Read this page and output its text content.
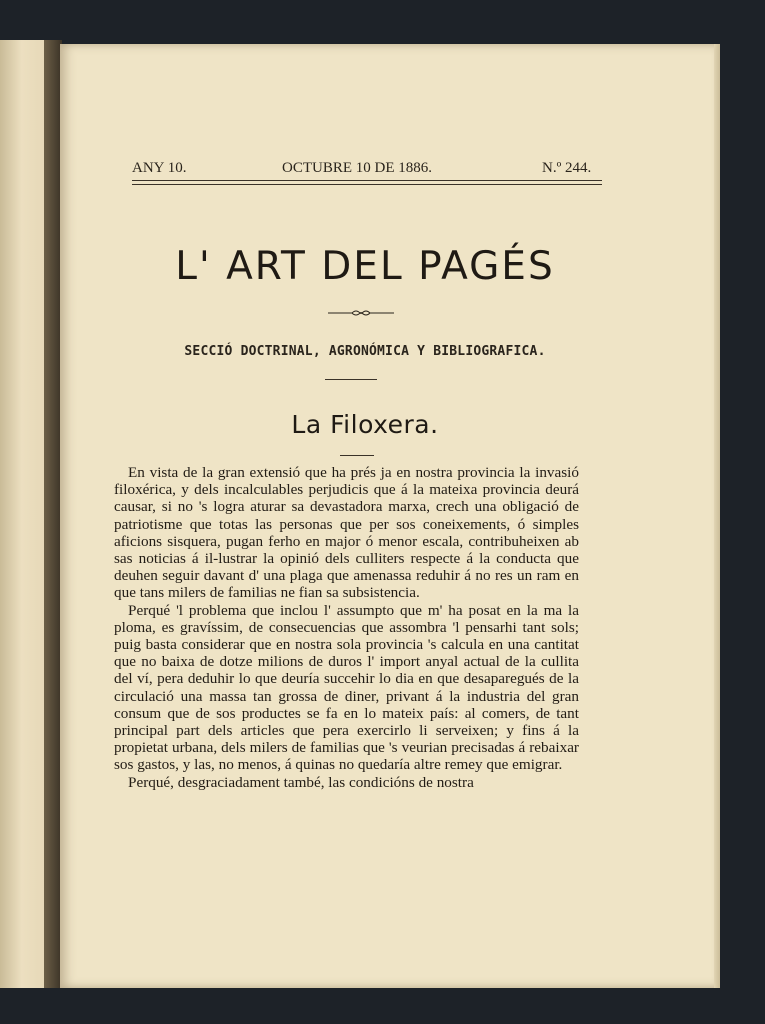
ANY 10.	OCTUBRE 10 DE 1886.	N.º 244.
L' ART DEL PAGÉS
SECCIÓ DOCTRINAL, AGRONÓMICA Y BIBLIOGRAFICA.
La Filoxera.

En vista de la gran extensió que ha prés ja en nostra provincia la invasió filoxérica, y dels incalculables perjudicis que á la mateixa provincia deurá causar, si no 's logra aturar sa devastadora marxa, crech una obligació de patriotisme que totas las personas que per sos coneixements, ó simples aficions sisquera, pugan ferho en major ó menor escala, contribuheixen ab sas noticias á il-lustrar la opinió dels culliters respecte á la conducta que deuhen seguir davant d' una plaga que amenassa reduhir á no res un ram en que tans milers de familias ne fian sa subsistencia.

Perqué 'l problema que inclou l' assumpto que m' ha posat en la ma la ploma, es gravíssim, de consecuencias que assombra 'l pensarhi tant sols; puig basta considerar que en nostra sola provincia 's calcula en una cantitat que no baixa de dotze milions de duros l' import anyal actual de la cullita del ví, pera deduhir lo que deuría succehir lo dia en que desaparegués de la circulació una massa tan grossa de diner, privant á la industria del gran consum que de sos productes se fa en lo mateix país: al comers, de tant principal part dels articles que pera exercirlo li serveixen; y fins á la propietat urbana, dels milers de familias que 's veurian precisadas á rebaixar sos gastos, y las, no menos, á quinas no quedaría altre remey que emigrar.

Perqué, desgraciadament també, las condicións de nostra
